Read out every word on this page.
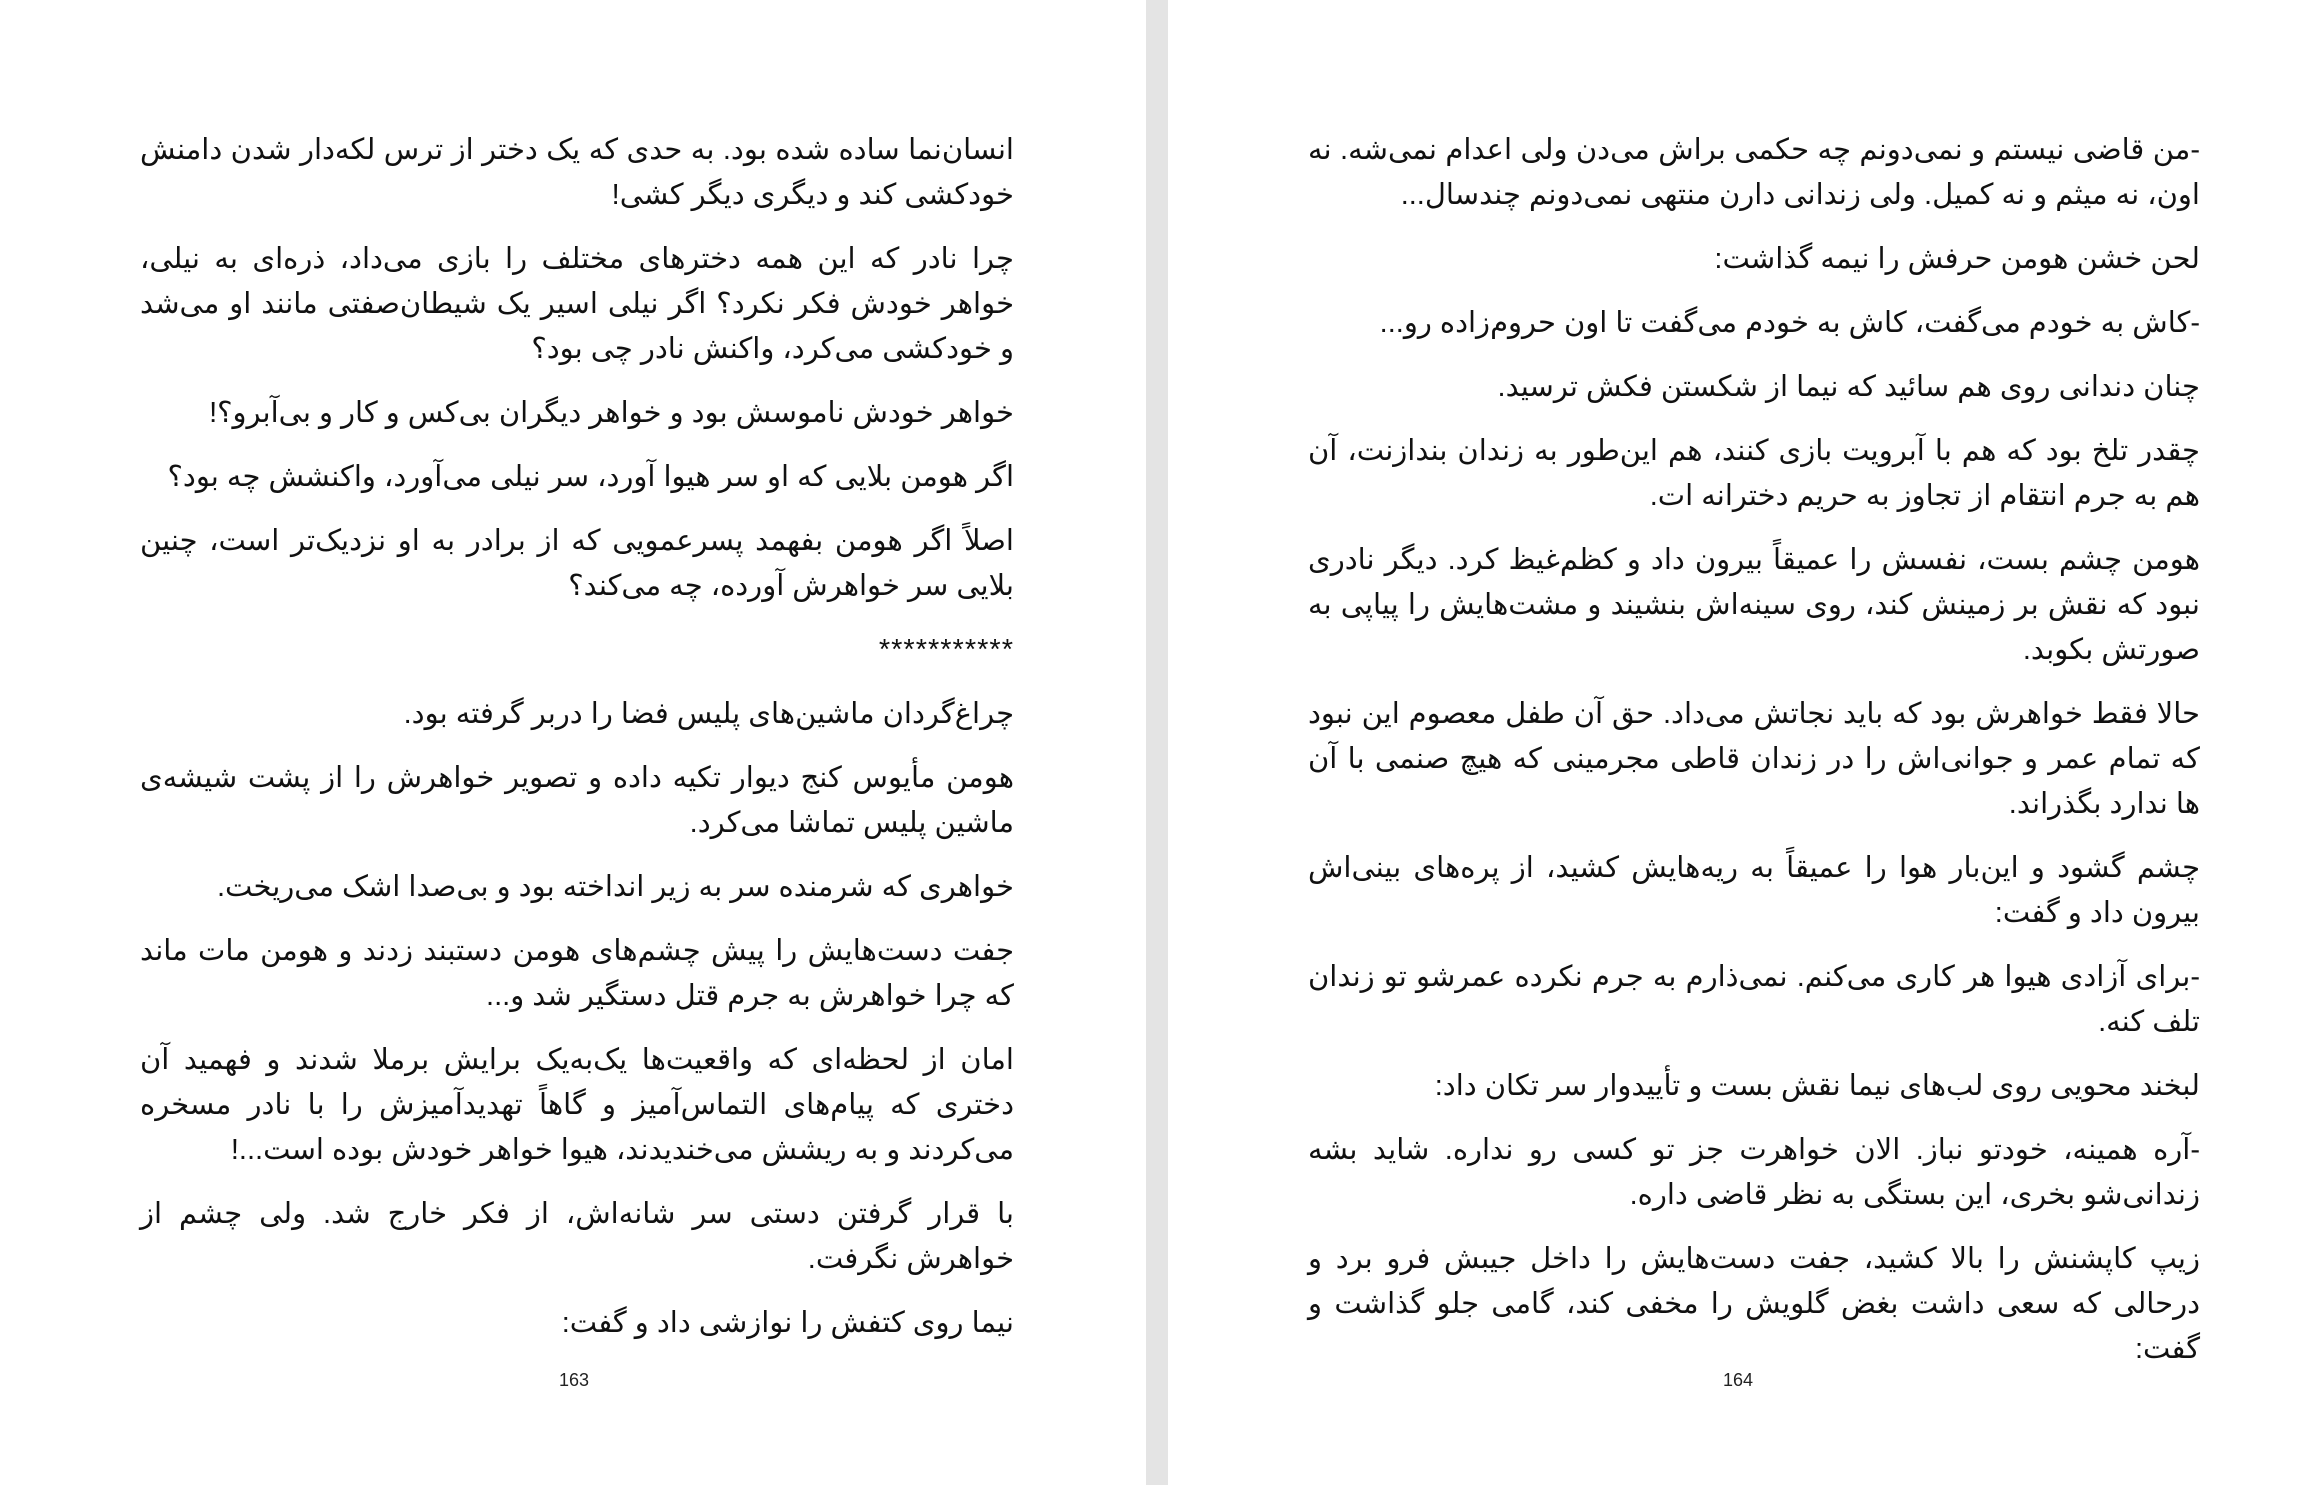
انسان‌نما ساده شده بود. به حدی که یک دختر از ترس لکه‌دار شدن دامنش خودکشی کند و دیگری دیگر کشی!

چرا نادر که این همه دخترهای مختلف را بازی می‌داد، ذره‌ای به نیلی، خواهر خودش فکر نکرد؟ اگر نیلی اسیر یک شیطان‌صفتی مانند او می‌شد و خودکشی می‌کرد، واکنش نادر چی بود؟

خواهر خودش ناموسش بود و خواهر دیگران بی‌کس و کار و بی‌آبرو؟!

اگر هومن بلایی که او سر هیوا آورد، سر نیلی می‌آورد، واکنشش چه بود؟

اصلاً اگر هومن بفهمد پسرعمویی که از برادر به او نزدیک‌تر است، چنین بلایی سر خواهرش آورده، چه می‌کند؟

***********

چراغ‌گردان ماشین‌های پلیس فضا را دربر گرفته بود.

هومن مأیوس کنج دیوار تکیه داده و تصویر خواهرش را از پشت شیشه‌ی ماشین پلیس تماشا می‌کرد.

خواهری که شرمنده سر به زیر انداخته بود و بی‌صدا اشک می‌ریخت.

جفت دست‌هایش را پیش چشم‌های هومن دستبند زدند و هومن مات ماند که چرا خواهرش به جرم قتل دستگیر شد و...

امان از لحظه‌ای که واقعیت‌ها یک‌به‌یک برایش برملا شدند و فهمید آن دختری که پیام‌های التماس‌آمیز و گاهاً تهدیدآمیزش را با نادر مسخره می‌کردند و به ریشش می‌خندیدند، هیوا خواهر خودش بوده است...!

با قرار گرفتن دستی سر شانه‌اش، از فکر خارج شد. ولی چشم از خواهرش نگرفت.

نیما روی کتفش را نوازشی داد و گفت:

163

-من قاضی نیستم و نمی‌دونم چه حکمی براش می‌دن ولی اعدام نمی‌شه. نه اون، نه میثم و نه کمیل. ولی زندانی دارن منتهی نمی‌دونم چندسال...

لحن خشن هومن حرفش را نیمه گذاشت:

-کاش به خودم می‌گفت، کاش به خودم می‌گفت تا اون حروم‌زاده رو...

چنان دندانی روی هم سائید که نیما از شکستن فکش ترسید.

چقدر تلخ بود که هم با آبرویت بازی کنند، هم این‌طور به زندان بندازنت، آن هم به جرم انتقام از تجاوز به حریم دخترانه ات.

هومن چشم بست، نفسش را عمیقاً بیرون داد و کظم‌غیظ کرد. دیگر نادری نبود که نقش بر زمینش کند، روی سینه‌اش بنشیند و مشت‌هایش را پیاپی به صورتش بکوبد.

حالا فقط خواهرش بود که باید نجاتش می‌داد. حق آن طفل معصوم این نبود که تمام عمر و جوانی‌اش را در زندان قاطی مجرمینی که هیچ صنمی با آن ها ندارد بگذراند.

چشم گشود و این‌بار هوا را عمیقاً به ریه‌هایش کشید، از پره‌های بینی‌اش بیرون داد و گفت:

-برای آزادی هیوا هر کاری می‌کنم. نمی‌ذارم به جرم نکرده عمرشو تو زندان تلف کنه.

لبخند محویی روی لب‌های نیما نقش بست و تأییدوار سر تکان داد:

-آره همینه، خودتو نباز. الان خواهرت جز تو کسی رو نداره. شاید بشه زندانی‌شو بخری، این بستگی به نظر قاضی داره.

زیپ کاپشنش را بالا کشید، جفت دست‌هایش را داخل جیبش فرو برد و درحالی که سعی داشت بغض گلویش را مخفی کند، گامی جلو گذاشت و گفت:

164
